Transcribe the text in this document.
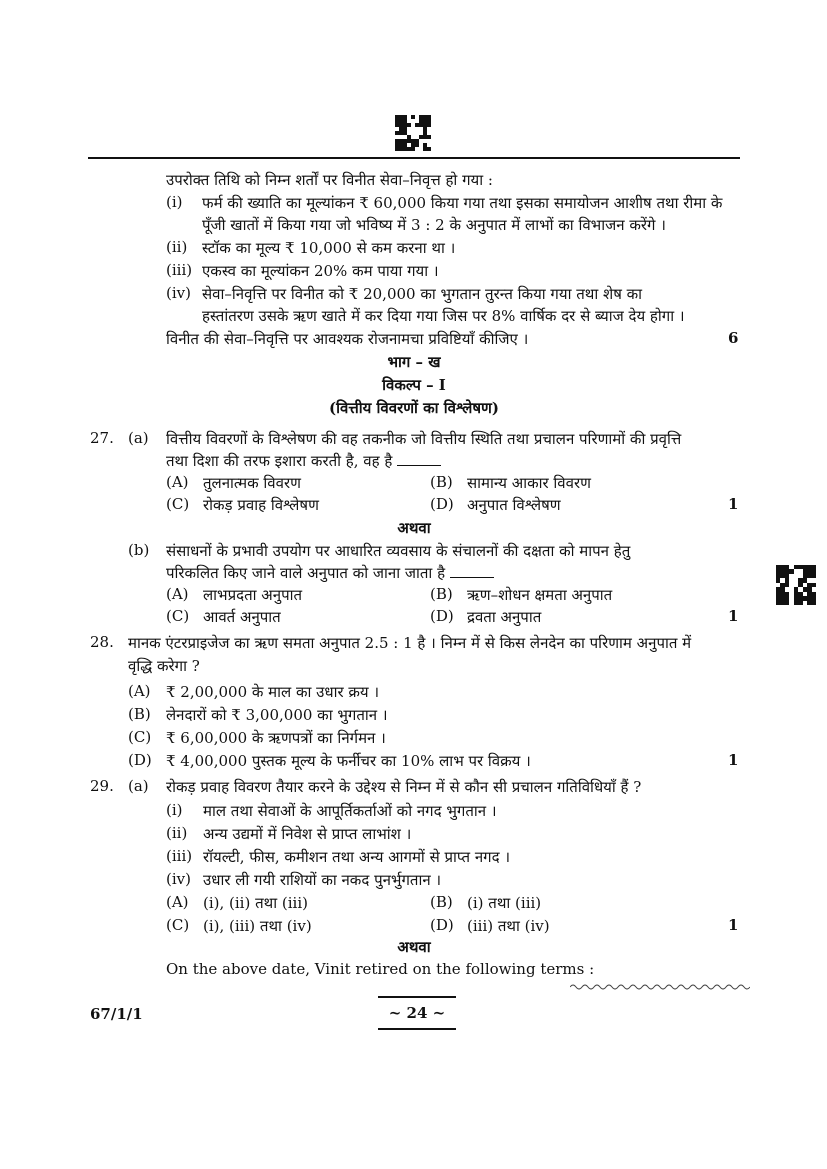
उपरोक्त तिथि को निम्न शर्तों पर विनीत सेवा–निवृत्त हो गया :
(i) फर्म की ख्याति का मूल्यांकन ₹ 60,000 किया गया तथा इसका समायोजन आशीष तथा रीमा के
पूँजी खातों में किया गया जो भविष्य में 3 : 2 के अनुपात में लाभों का विभाजन करेंगे ।
(ii) स्टॉक का मूल्य ₹ 10,000 से कम करना था ।
(iii) एकस्व का मूल्यांकन 20% कम पाया गया ।
(iv) सेवा–निवृत्ति पर विनीत को ₹ 20,000 का भुगतान तुरन्त किया गया तथा शेष का
हस्तांतरण उसके ऋण खाते में कर दिया गया जिस पर 8% वार्षिक दर से ब्याज देय होगा ।
विनीत की सेवा–निवृत्ति पर आवश्यक रोजनामचा प्रविष्टियाँ कीजिए ।	6
भाग – ख
विकल्प – I
(वित्तीय विवरणों का विश्लेषण)
27. (a) वित्तीय विवरणों के विश्लेषण की वह तकनीक जो वित्तीय स्थिति तथा प्रचालन परिणामों की प्रवृत्ति
तथा दिशा की तरफ इशारा करती है, वह है
(A) तुलनात्मक विवरण	(B) सामान्य आकार विवरण
(C) रोकड़ प्रवाह विश्लेषण	(D) अनुपात विश्लेषण	1
अथवा
(b) संसाधनों के प्रभावी उपयोग पर आधारित व्यवसाय के संचालनों की दक्षता को मापन हेतु
परिकलित किए जाने वाले अनुपात को जाना जाता है
(A) लाभप्रदता अनुपात	(B) ऋण–शोधन क्षमता अनुपात
(C) आवर्त अनुपात	(D) द्रवता अनुपात	1
28. मानक एंटरप्राइजेज का ऋण समता अनुपात 2.5 : 1 है । निम्न में से किस लेनदेन का परिणाम अनुपात में
वृद्धि करेगा ?
(A) ₹ 2,00,000 के माल का उधार क्रय ।
(B) लेनदारों को ₹ 3,00,000 का भुगतान ।
(C) ₹ 6,00,000 के ऋणपत्रों का निर्गमन ।
(D) ₹ 4,00,000 पुस्तक मूल्य के फर्नीचर का 10% लाभ पर विक्रय ।	1
29. (a) रोकड़ प्रवाह विवरण तैयार करने के उद्देश्य से निम्न में से कौन सी प्रचालन गतिविधियाँ हैं ?
(i) माल तथा सेवाओं के आपूर्तिकर्ताओं को नगद भुगतान ।
(ii) अन्य उद्यमों में निवेश से प्राप्त लाभांश ।
(iii) रॉयल्टी, फीस, कमीशन तथा अन्य आगमों से प्राप्त नगद ।
(iv) उधार ली गयी राशियों का नकद पुनर्भुगतान ।
(A) (i), (ii) तथा (iii)	(B) (i) तथा (iii)
(C) (i), (iii) तथा (iv)	(D) (iii) तथा (iv)	1
अथवा
On the above date, Vinit retired on the following terms :
67/1/1	~ 24 ~
